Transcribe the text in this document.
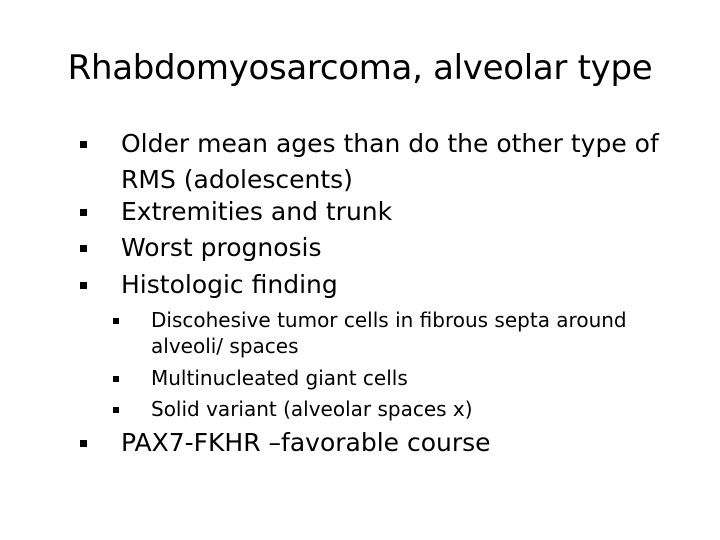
Rhabdomyosarcoma, alveolar type
Older mean ages than do the other type of RMS (adolescents)
Extremities and trunk
Worst prognosis
Histologic finding
Discohesive tumor cells in fibrous septa around alveoli/ spaces
Multinucleated giant cells
Solid variant (alveolar spaces x)
PAX7-FKHR –favorable course
